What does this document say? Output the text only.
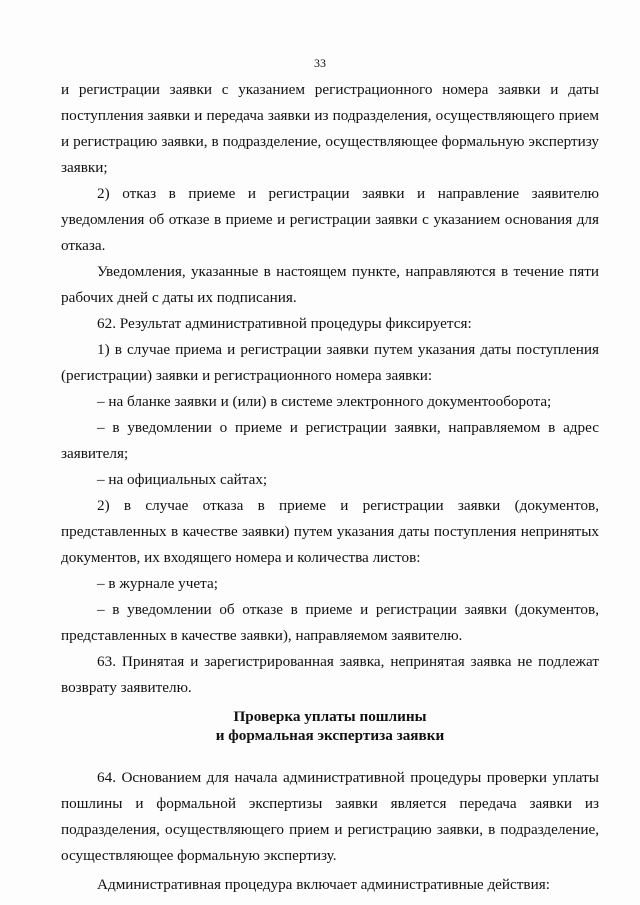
33

и регистрации заявки с указанием регистрационного номера заявки и даты поступления заявки и передача заявки из подразделения, осуществляющего прием и регистрацию заявки, в подразделение, осуществляющее формальную экспертизу заявки;

2) отказ в приеме и регистрации заявки и направление заявителю уведомления об отказе в приеме и регистрации заявки с указанием основания для отказа.

Уведомления, указанные в настоящем пункте, направляются в течение пяти рабочих дней с даты их подписания.

62. Результат административной процедуры фиксируется:

1) в случае приема и регистрации заявки путем указания даты поступления (регистрации) заявки и регистрационного номера заявки:

– на бланке заявки и (или) в системе электронного документооборота;

– в уведомлении о приеме и регистрации заявки, направляемом в адрес заявителя;

– на официальных сайтах;

2) в случае отказа в приеме и регистрации заявки (документов, представленных в качестве заявки) путем указания даты поступления непринятых документов, их входящего номера и количества листов:

– в журнале учета;

– в уведомлении об отказе в приеме и регистрации заявки (документов, представленных в качестве заявки), направляемом заявителю.

63. Принятая и зарегистрированная заявка, непринятая заявка не подлежат возврату заявителю.

Проверка уплаты пошлины
и формальная экспертиза заявки

64. Основанием для начала административной процедуры проверки уплаты пошлины и формальной экспертизы заявки является передача заявки из подразделения, осуществляющего прием и регистрацию заявки, в подразделение, осуществляющее формальную экспертизу.

Административная процедура включает административные действия:
